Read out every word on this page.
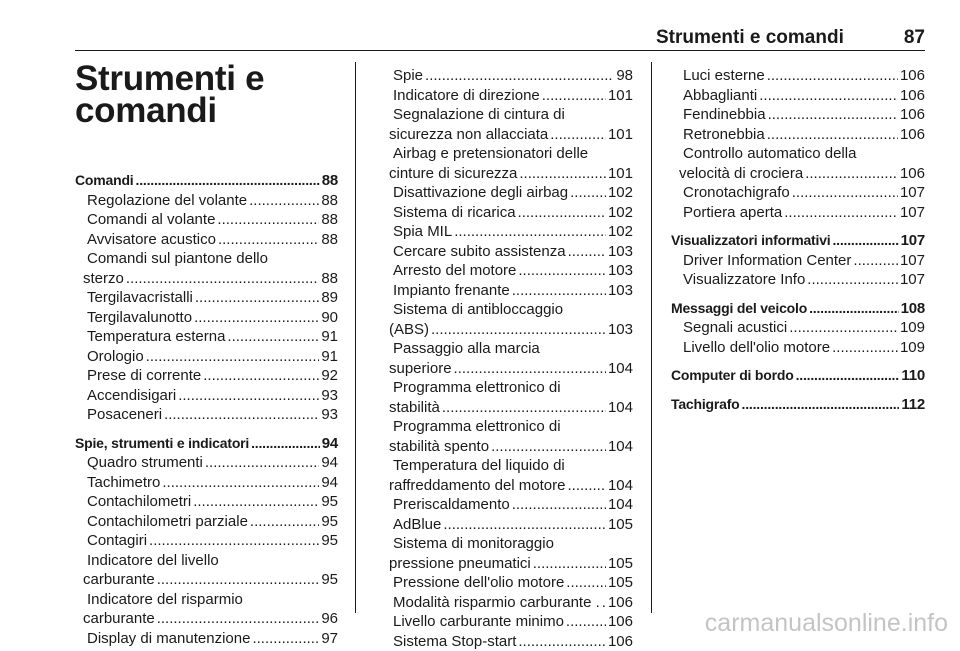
Strumenti e comandi	87
Strumenti e comandi
Comandi .....	88
Regolazione del volante .....	88
Comandi al volante .....	88
Avvisatore acustico .....	88
Comandi sul piantone dello
sterzo .....	88
Tergilavacristalli .....	89
Tergilavalunotto .....	90
Temperatura esterna .....	91
Orologio .....	91
Prese di corrente .....	92
Accendisigari .....	93
Posaceneri .....	93
Spie, strumenti e indicatori .....	94
Quadro strumenti .....	94
Tachimetro .....	94
Contachilometri .....	95
Contachilometri parziale .....	95
Contagiri .....	95
Indicatore del livello
carburante .....	95
Indicatore del risparmio
carburante .....	96
Display di manutenzione .....	97
Spie .....	98
Indicatore di direzione .....	101
Segnalazione di cintura di
sicurezza non allacciata .....	101
Airbag e pretensionatori delle
cinture di sicurezza .....	101
Disattivazione degli airbag .....	102
Sistema di ricarica .....	102
Spia MIL .....	102
Cercare subito assistenza .....	103
Arresto del motore .....	103
Impianto frenante .....	103
Sistema di antibloccaggio
(ABS) .....	103
Passaggio alla marcia
superiore .....	104
Programma elettronico di
stabilità .....	104
Programma elettronico di
stabilità spento .....	104
Temperatura del liquido di
raffreddamento del motore .....	104
Preriscaldamento .....	104
AdBlue .....	105
Sistema di monitoraggio
pressione pneumatici .....	105
Pressione dell'olio motore .....	105
Modalità risparmio carburante . ..... 106
Livello carburante minimo .....	106
Sistema Stop-start .....	106
Luci esterne .....	106
Abbaglianti .....	106
Fendinebbia .....	106
Retronebbia .....	106
Controllo automatico della
velocità di crociera .....	106
Cronotachigrafo .....	107
Portiera aperta .....	107
Visualizzatori informativi .....	107
Driver Information Center .....	107
Visualizzatore Info .....	107
Messaggi del veicolo .....	108
Segnali acustici .....	109
Livello dell'olio motore .....	109
Computer di bordo .....	110
Tachigrafo .....	112
carmanualsonline.info
